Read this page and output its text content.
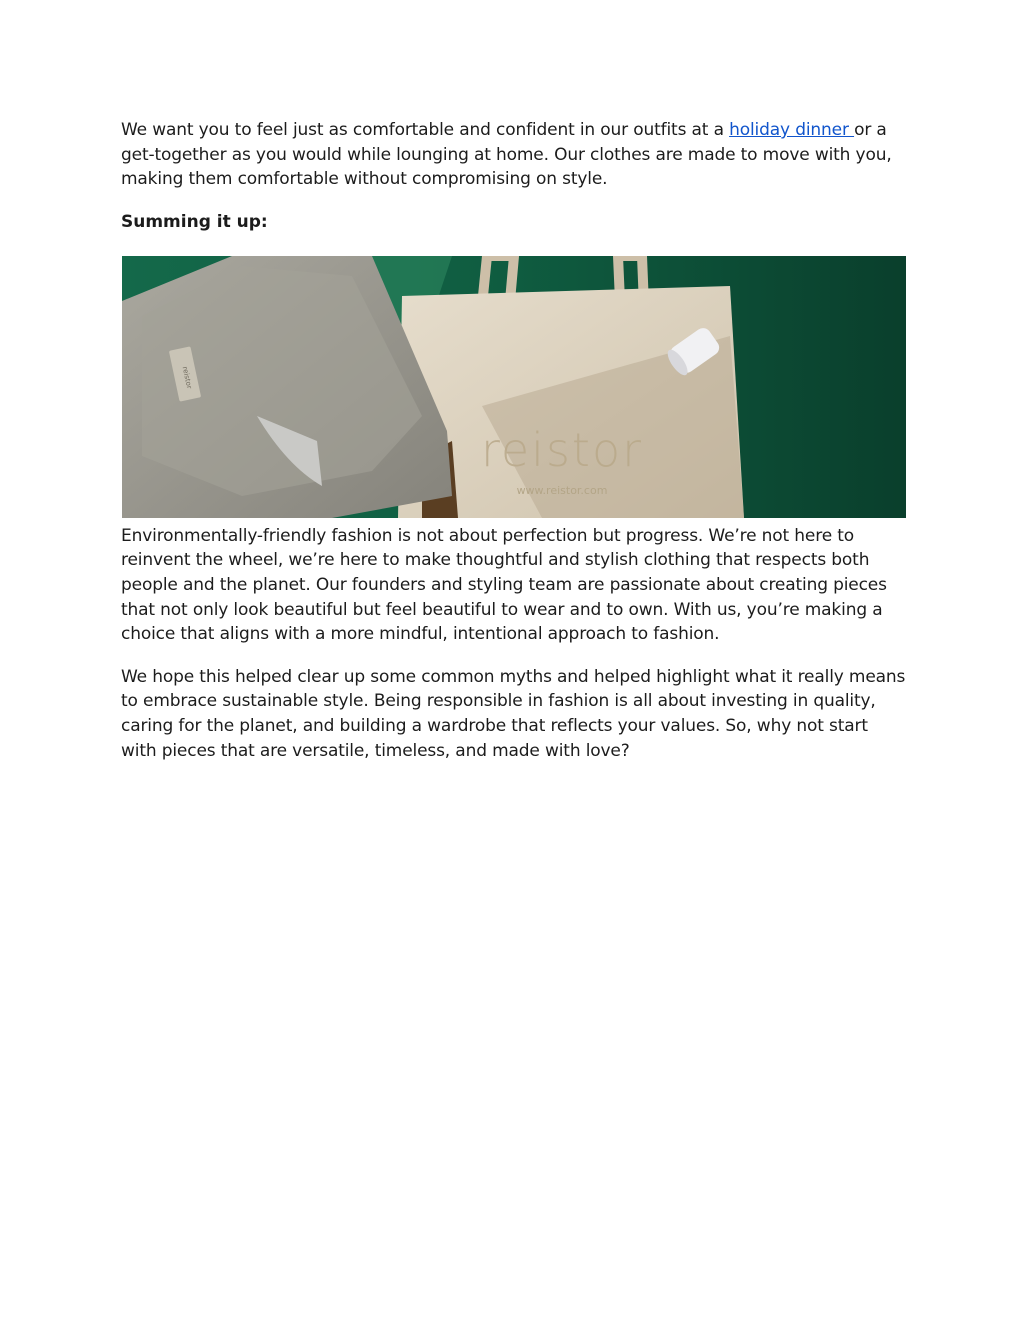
We want you to feel just as comfortable and confident in our outfits at a holiday dinner or a get-together as you would while lounging at home. Our clothes are made to move with you, making them comfortable without compromising on style.

Summing it up:
reistor
reistor
www.reistor.com

Environmentally-friendly fashion is not about perfection but progress. We’re not here to reinvent the wheel, we’re here to make thoughtful and stylish clothing that respects both people and the planet. Our founders and styling team are passionate about creating pieces that not only look beautiful but feel beautiful to wear and to own. With us, you’re making a choice that aligns with a more mindful, intentional approach to fashion.

We hope this helped clear up some common myths and helped highlight what it really means to embrace sustainable style. Being responsible in fashion is all about investing in quality, caring for the planet, and building a wardrobe that reflects your values. So, why not start with pieces that are versatile, timeless, and made with love?
